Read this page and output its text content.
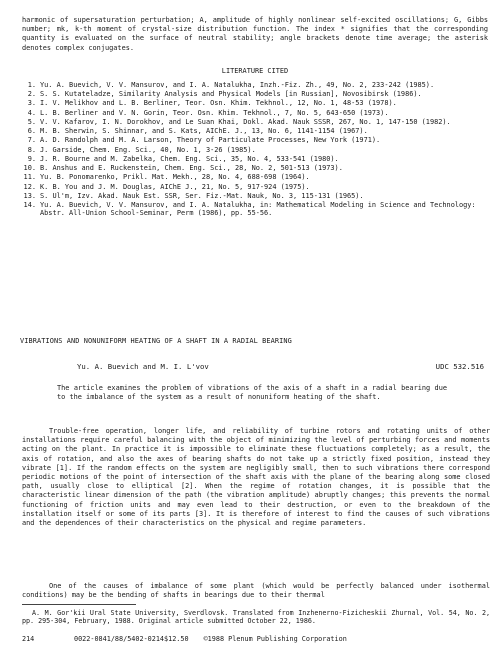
harmonic of supersaturation perturbation; A, amplitude of highly nonlinear self-excited oscillations; G, Gibbs number; mk, k-th moment of crystal-size distribution function. The index * signifies that the corresponding quantity is evaluated on the surface of neutral stability; angle brackets denote time average; the asterisk denotes complex conjugates.

LITERATURE CITED
1. Yu. A. Buevich, V. V. Mansurov, and I. A. Natalukha, Inzh.-Fiz. Zh., 49, No. 2, 233-242 (1985).
2. S. S. Kutateladze, Similarity Analysis and Physical Models [in Russian], Novosibirsk (1986).
3. I. V. Melikhov and L. B. Berliner, Teor. Osn. Khim. Tekhnol., 12, No. 1, 48-53 (1978).
4. L. B. Berliner and V. N. Gorin, Teor. Osn. Khim. Tekhnol., 7, No. 5, 643-650 (1973).
5. V. V. Kafarov, I. N. Dorokhov, and Le Suan Khai, Dokl. Akad. Nauk SSSR, 267, No. 1, 147-150 (1982).
6. M. B. Sherwin, S. Shinnar, and S. Kats, AIChE. J., 13, No. 6, 1141-1154 (1967).
7. A. D. Randolph and M. A. Larson, Theory of Particulate Processes, New York (1971).
8. J. Garside, Chem. Eng. Sci., 40, No. 1, 3-26 (1985).
9. J. R. Bourne and M. Zabelka, Chem. Eng. Sci., 35, No. 4, 533-541 (1980).
10. B. Anshus and E. Ruckenstein, Chem. Eng. Sci., 28, No. 2, 501-513 (1973).
11. Yu. B. Ponomarenko, Prikl. Mat. Mekh., 28, No. 4, 688-698 (1964).
12. K. B. You and J. M. Douglas, AIChE J., 21, No. 5, 917-924 (1975).
13. S. Ul'm, Izv. Akad. Nauk Est. SSR, Ser. Fiz.-Mat. Nauk, No. 3, 115-131 (1965).
14. Yu. A. Buevich, V. V. Mansurov, and I. A. Natalukha, in: Mathematical Modeling in Science and Technology: Abstr. All-Union School-Seminar, Perm (1986), pp. 55-56.
VIBRATIONS AND NONUNIFORM HEATING OF A SHAFT IN A RADIAL BEARING
Yu. A. Buevich and M. I. L'vov	UDC 532.516

The article examines the problem of vibrations of the axis of a shaft in a radial bearing due to the imbalance of the system as a result of nonuniform heating of the shaft.

Trouble-free operation, longer life, and reliability of turbine rotors and rotating units of other installations require careful balancing with the object of minimizing the level of perturbing forces and moments acting on the plant. In practice it is impossible to eliminate these fluctuations completely; as a result, the axis of rotation, and also the axes of bearing shafts do not take up a strictly fixed position, instead they vibrate [1]. If the random effects on the system are negligibly small, then to such vibrations there correspond periodic motions of the point of intersection of the shaft axis with the plane of the bearing along some closed path, usually close to elliptical [2]. When the regime of rotation changes, it is possible that the characteristic linear dimension of the path (the vibration amplitude) abruptly changes; this prevents the normal functioning of friction units and may even lead to their destruction, or even to the breakdown of the installation itself or some of its parts [3]. It is therefore of interest to find the causes of such vibrations and the dependences of their characteristics on the physical and regime parameters.

One of the causes of imbalance of some plant (which would be perfectly balanced under isothermal conditions) may be the bending of shafts in bearings due to their thermal

A. M. Gor'kii Ural State University, Sverdlovsk. Translated from Inzhenerno-Fizicheskii Zhurnal, Vol. 54, No. 2, pp. 295-304, February, 1988. Original article submitted October 22, 1986.

214	0022-0841/88/5402-0214$12.50 ©1988 Plenum Publishing Corporation
